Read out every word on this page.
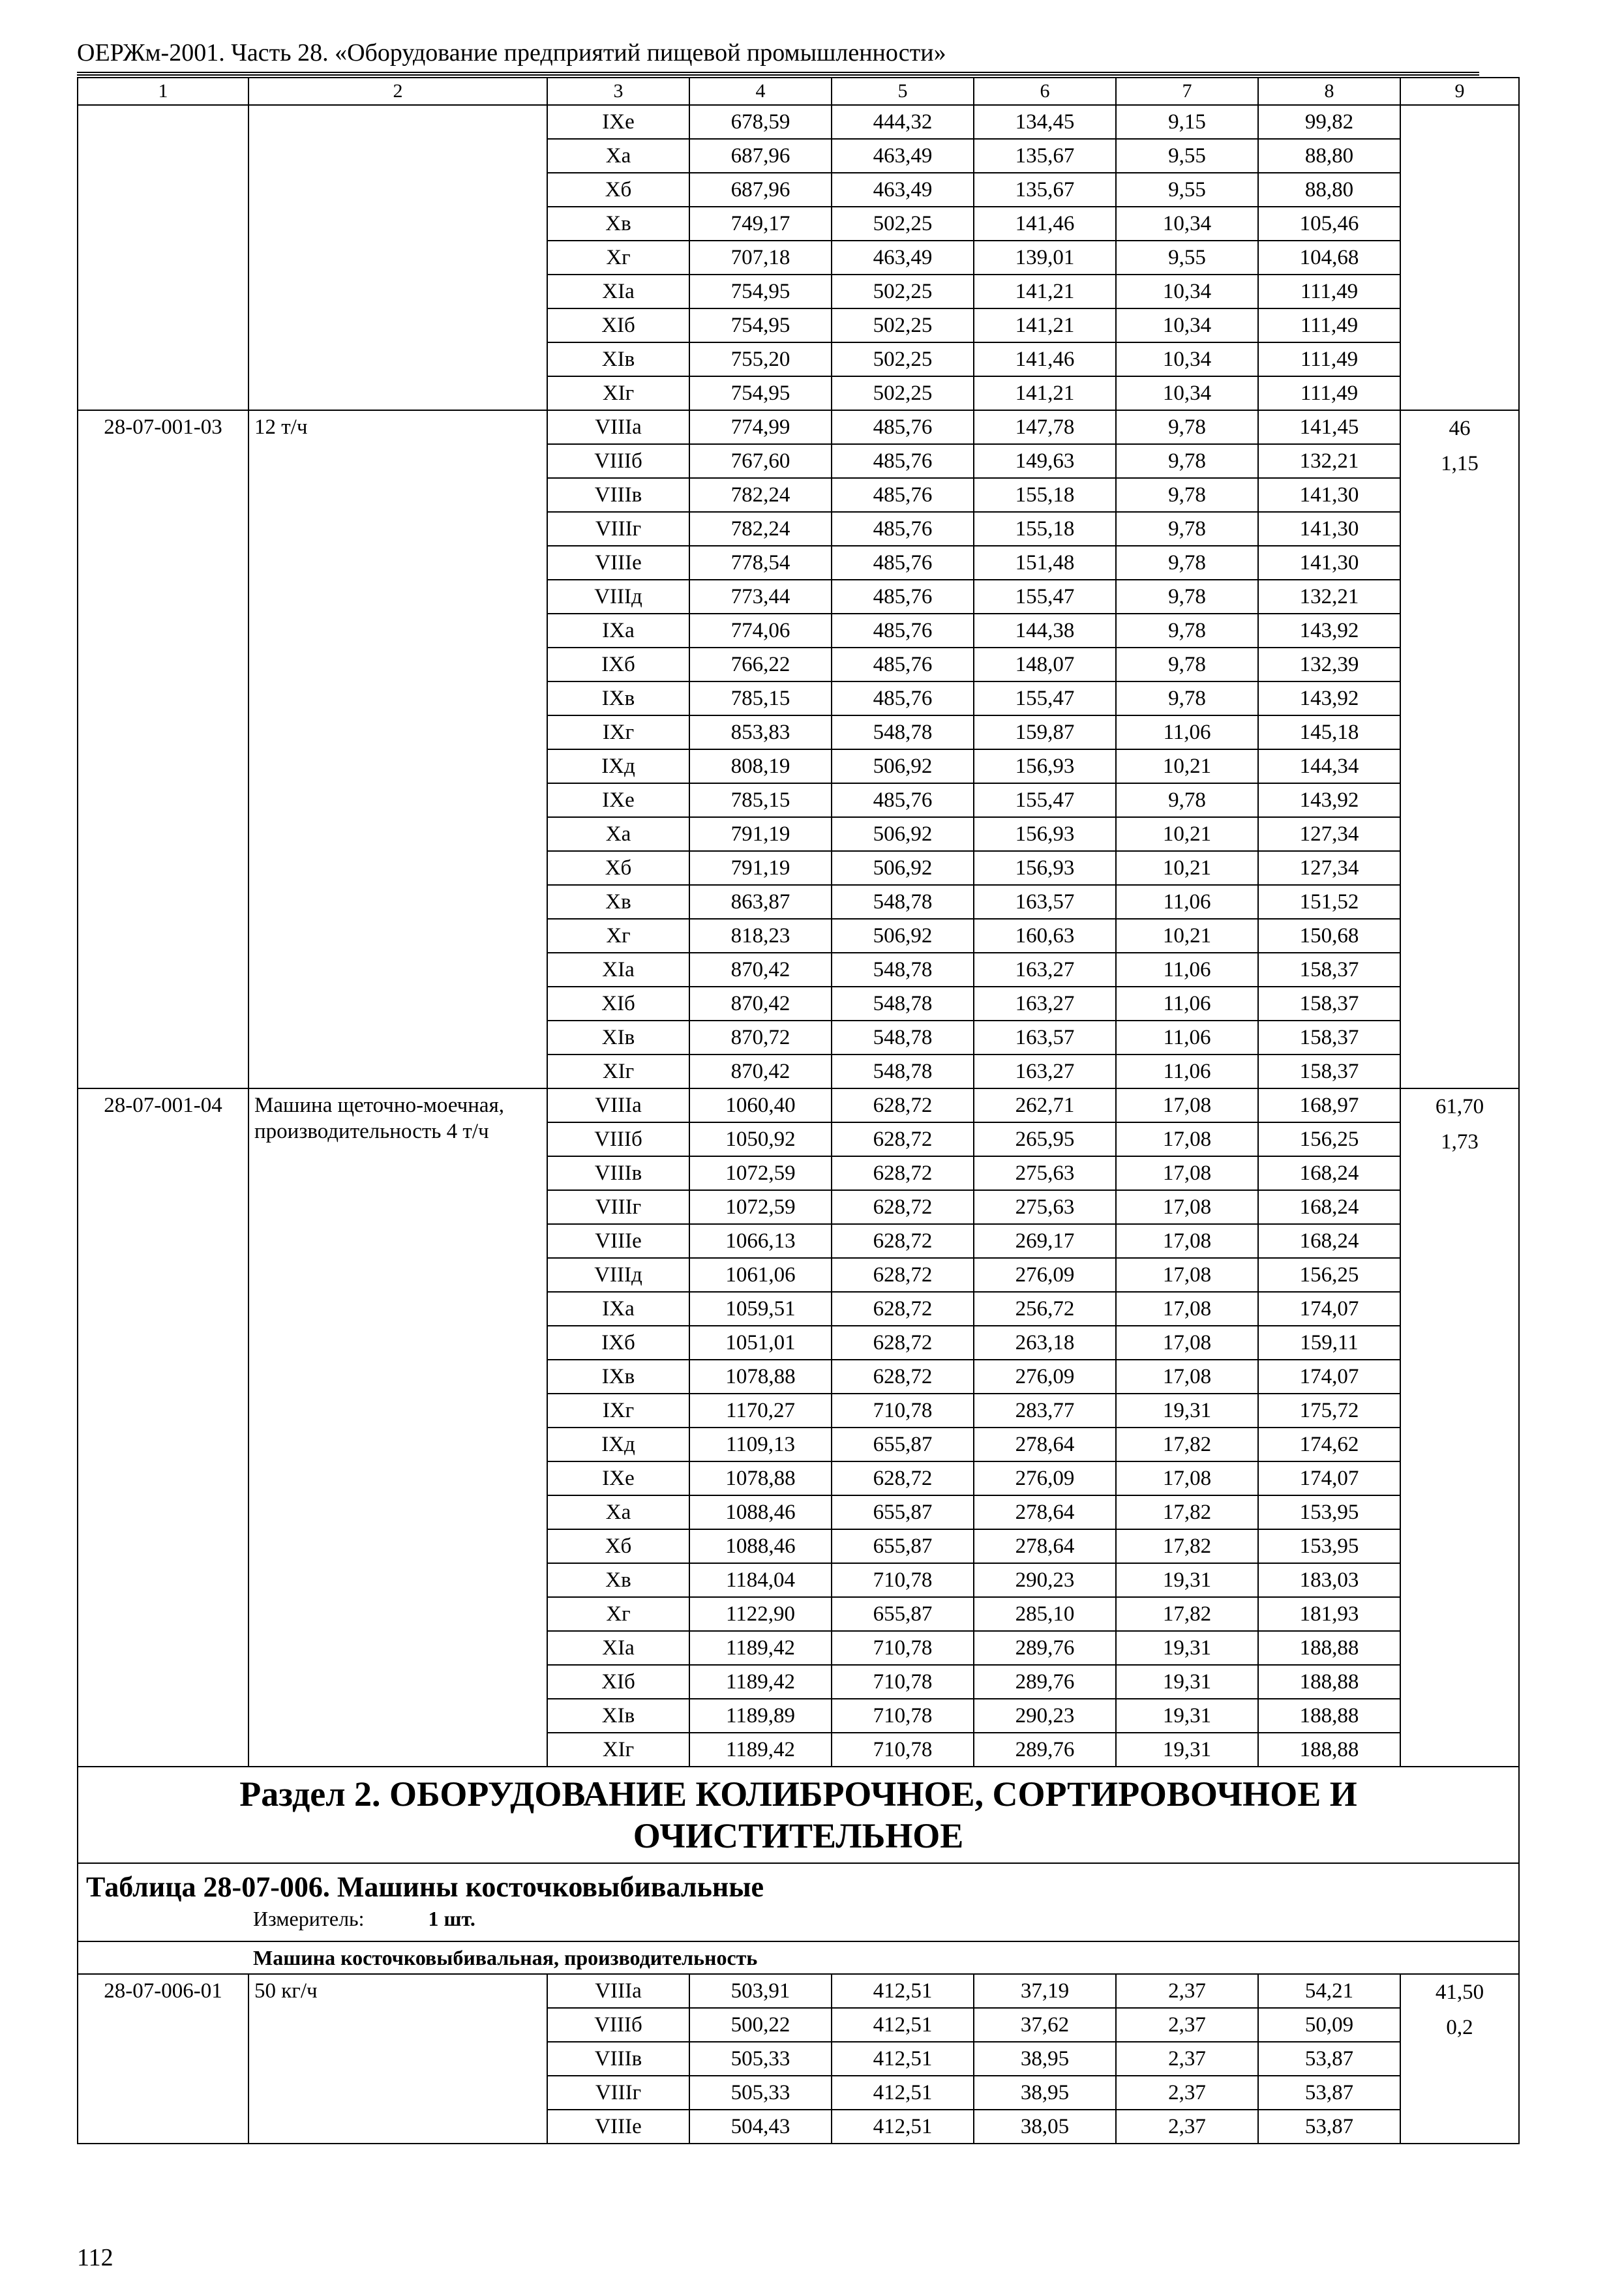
ОЕРЖм-2001. Часть 28. «Оборудование предприятий пищевой промышленности»
1	2	3	4	5	6	7	8	9
		IXе	678,59	444,32	134,45	9,15	99,82	
		Xа	687,96	463,49	135,67	9,55	88,80	
		Xб	687,96	463,49	135,67	9,55	88,80	
		Xв	749,17	502,25	141,46	10,34	105,46	
		Xг	707,18	463,49	139,01	9,55	104,68	
		XIа	754,95	502,25	141,21	10,34	111,49	
		XIб	754,95	502,25	141,21	10,34	111,49	
		XIв	755,20	502,25	141,46	10,34	111,49	
		XIг	754,95	502,25	141,21	10,34	111,49	
28-07-001-03	12 т/ч	VIIIа	774,99	485,76	147,78	9,78	141,45	46
1,15

		VIIIб	767,60	485,76	149,63	9,78	132,21	
		VIIIв	782,24	485,76	155,18	9,78	141,30	
		VIIIг	782,24	485,76	155,18	9,78	141,30	
		VIIIе	778,54	485,76	151,48	9,78	141,30	
		VIIIд	773,44	485,76	155,47	9,78	132,21	
		IXа	774,06	485,76	144,38	9,78	143,92	
		IXб	766,22	485,76	148,07	9,78	132,39	
		IXв	785,15	485,76	155,47	9,78	143,92	
		IXг	853,83	548,78	159,87	11,06	145,18	
		IXд	808,19	506,92	156,93	10,21	144,34	
		IXе	785,15	485,76	155,47	9,78	143,92	
		Xа	791,19	506,92	156,93	10,21	127,34	
		Xб	791,19	506,92	156,93	10,21	127,34	
		Xв	863,87	548,78	163,57	11,06	151,52	
		Xг	818,23	506,92	160,63	10,21	150,68	
		XIа	870,42	548,78	163,27	11,06	158,37	
		XIб	870,42	548,78	163,27	11,06	158,37	
		XIв	870,72	548,78	163,57	11,06	158,37	
		XIг	870,42	548,78	163,27	11,06	158,37	
28-07-001-04	Машина щеточно-моечная, производительность 4 т/ч	VIIIа	1060,40	628,72	262,71	17,08	168,97	61,70
1,73

		VIIIб	1050,92	628,72	265,95	17,08	156,25	
		VIIIв	1072,59	628,72	275,63	17,08	168,24	
		VIIIг	1072,59	628,72	275,63	17,08	168,24	
		VIIIе	1066,13	628,72	269,17	17,08	168,24	
		VIIIд	1061,06	628,72	276,09	17,08	156,25	
		IXа	1059,51	628,72	256,72	17,08	174,07	
		IXб	1051,01	628,72	263,18	17,08	159,11	
		IXв	1078,88	628,72	276,09	17,08	174,07	
		IXг	1170,27	710,78	283,77	19,31	175,72	
		IXд	1109,13	655,87	278,64	17,82	174,62	
		IXе	1078,88	628,72	276,09	17,08	174,07	
		Xа	1088,46	655,87	278,64	17,82	153,95	
		Xб	1088,46	655,87	278,64	17,82	153,95	
		Xв	1184,04	710,78	290,23	19,31	183,03	
		Xг	1122,90	655,87	285,10	17,82	181,93	
		XIа	1189,42	710,78	289,76	19,31	188,88	
		XIб	1189,42	710,78	289,76	19,31	188,88	
		XIв	1189,89	710,78	290,23	19,31	188,88	
		XIг	1189,42	710,78	289,76	19,31	188,88	
Раздел 2. ОБОРУДОВАНИЕ КОЛИБРОЧНОЕ, СОРТИРОВОЧНОЕ И ОЧИСТИТЕЛЬНОЕ								

Таблица 28-07-006. Машины косточковыбивальные
Измеритель: 1 шт.								

Машина косточковыбивальная, производительность								
28-07-006-01	50 кг/ч	VIIIа	503,91	412,51	37,19	2,37	54,21	41,50
0,2

		VIIIб	500,22	412,51	37,62	2,37	50,09	
		VIIIв	505,33	412,51	38,95	2,37	53,87	
		VIIIг	505,33	412,51	38,95	2,37	53,87	
		VIIIе	504,43	412,51	38,05	2,37	53,87	
112
